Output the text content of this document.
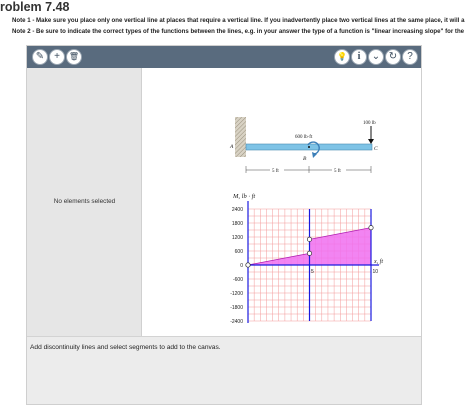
roblem 7.48
Note 1 - Make sure you place only one vertical line at places that require a vertical line. If you inadvertently place two vertical lines at the same place, it will a
Note 2 - Be sure to indicate the correct types of the functions between the lines, e.g. in your answer the type of a function is "linear increasing slope" for the
✎ +	🗑	💡	i	⌄ ↻	?
No elements selected
100 lb
600 lb·ft
A
B
C
5 ft	5 ft
2400
1800
1200
600
0
-600
-1200
-1800
-2400
5	10
M, lb · ft
x, ft
Add discontinuity lines and select segments to add to the canvas.
